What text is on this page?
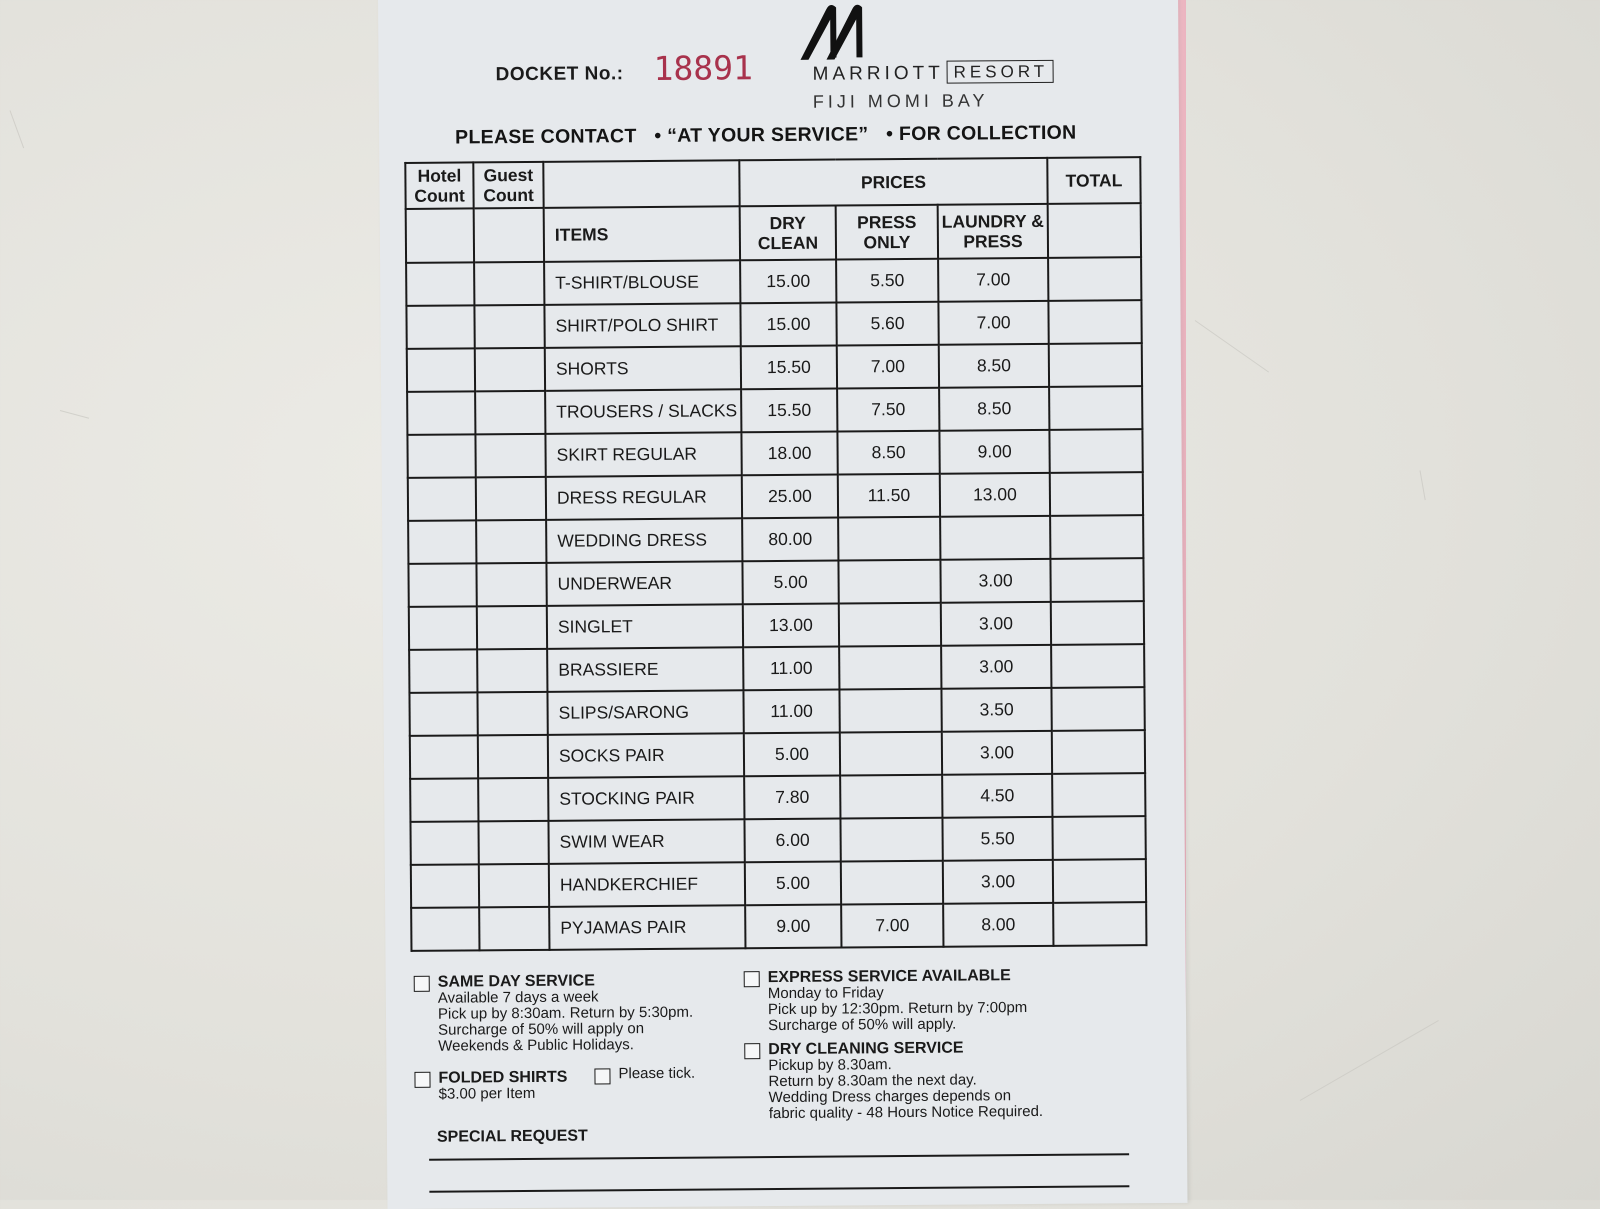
DOCKET No.: 18891	MARRIOTT RESORT
FIJI MOMI BAY
PLEASE CONTACT • “AT YOUR SERVICE” • FOR COLLECTION
Hotel Count	Guest Count		PRICES			TOTAL
		ITEMS	DRY CLEAN	PRESS ONLY	LAUNDRY & PRESS	
		T-SHIRT/BLOUSE	15.00	5.50	7.00	
		SHIRT/POLO SHIRT	15.00	5.60	7.00	
		SHORTS	15.50	7.00	8.50	
		TROUSERS / SLACKS	15.50	7.50	8.50	
		SKIRT REGULAR	18.00	8.50	9.00	
		DRESS REGULAR	25.00	11.50	13.00	
		WEDDING DRESS	80.00			
		UNDERWEAR	5.00		3.00	
		SINGLET	13.00		3.00	
		BRASSIERE	11.00		3.00	
		SLIPS/SARONG	11.00		3.50	
		SOCKS PAIR	5.00		3.00	
		STOCKING PAIR	7.80		4.50	
		SWIM WEAR	6.00		5.50	
		HANDKERCHIEF	5.00		3.00	
		PYJAMAS PAIR	9.00	7.00	8.00	
SAME DAY SERVICE
Available 7 days a week
Pick up by 8:30am. Return by 5:30pm.
Surcharge of 50% will apply on
Weekends & Public Holidays.
EXPRESS SERVICE AVAILABLE
Monday to Friday
Pick up by 12:30pm. Return by 7:00pm
Surcharge of 50% will apply.
FOLDED SHIRTS
$3.00 per Item
Please tick.
DRY CLEANING SERVICE
Pickup by 8.30am.
Return by 8.30am the next day.
Wedding Dress charges depends on
fabric quality - 48 Hours Notice Required.
SPECIAL REQUEST
